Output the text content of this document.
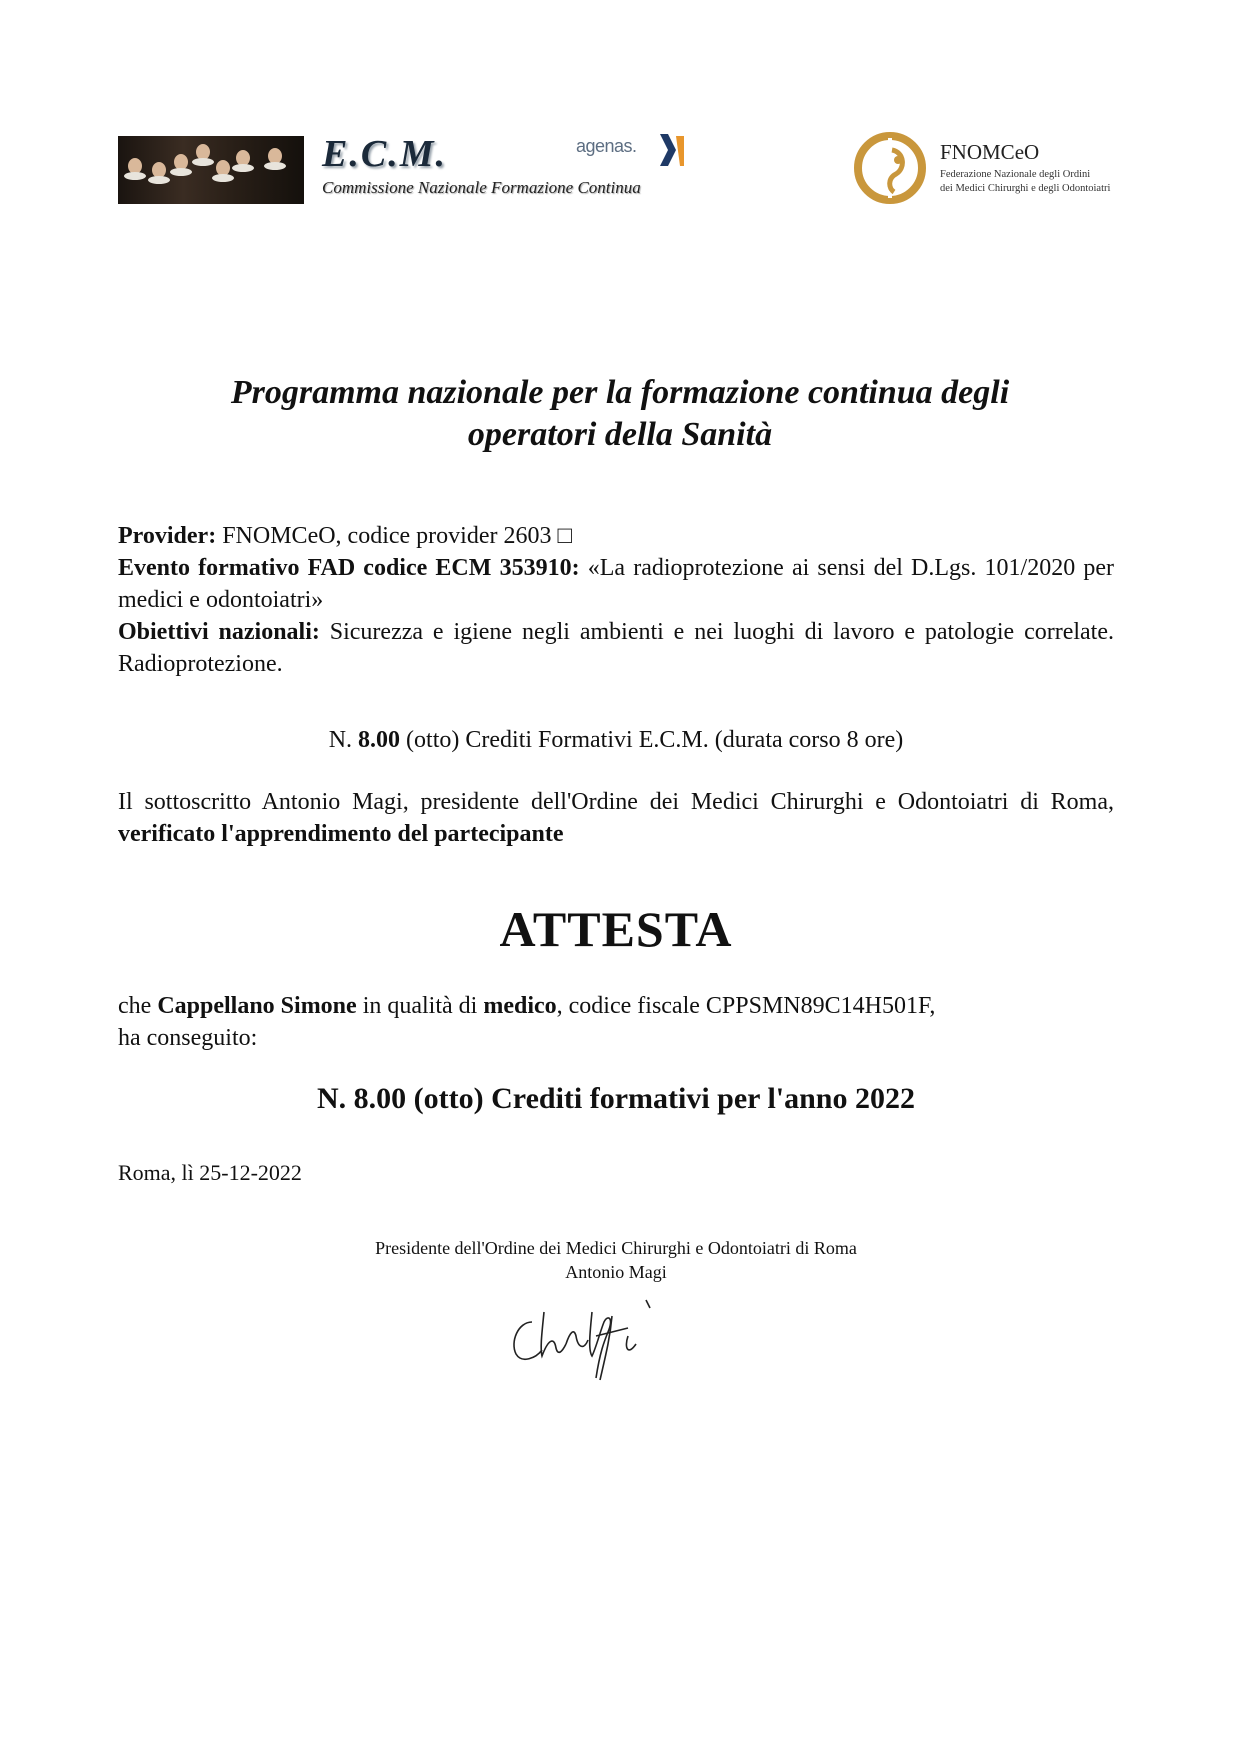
E.C.M.
Commissione Nazionale Formazione Continua
agenas.	FNOMCeO
Federazione Nazionale degli Ordini
dei Medici Chirurghi e degli Odontoiatri
Programma nazionale per la formazione continua degli
operatori della Sanità
Provider: FNOMCeO, codice provider 2603 □
Evento formativo FAD codice ECM 353910: «La radioprotezione ai sensi del D.Lgs. 101/2020 per medici e odontoiatri»
Obiettivi nazionali: Sicurezza e igiene negli ambienti e nei luoghi di lavoro e patologie correlate. Radioprotezione.
N. 8.00 (otto) Crediti Formativi E.C.M. (durata corso 8 ore)
Il sottoscritto Antonio Magi, presidente dell'Ordine dei Medici Chirurghi e Odontoiatri di Roma, verificato l'apprendimento del partecipante
ATTESTA
che Cappellano Simone in qualità di medico, codice fiscale CPPSMN89C14H501F,
ha conseguito:
N. 8.00 (otto) Crediti formativi per l'anno 2022
Roma, lì 25-12-2022
Presidente dell'Ordine dei Medici Chirurghi e Odontoiatri di Roma
Antonio Magi
